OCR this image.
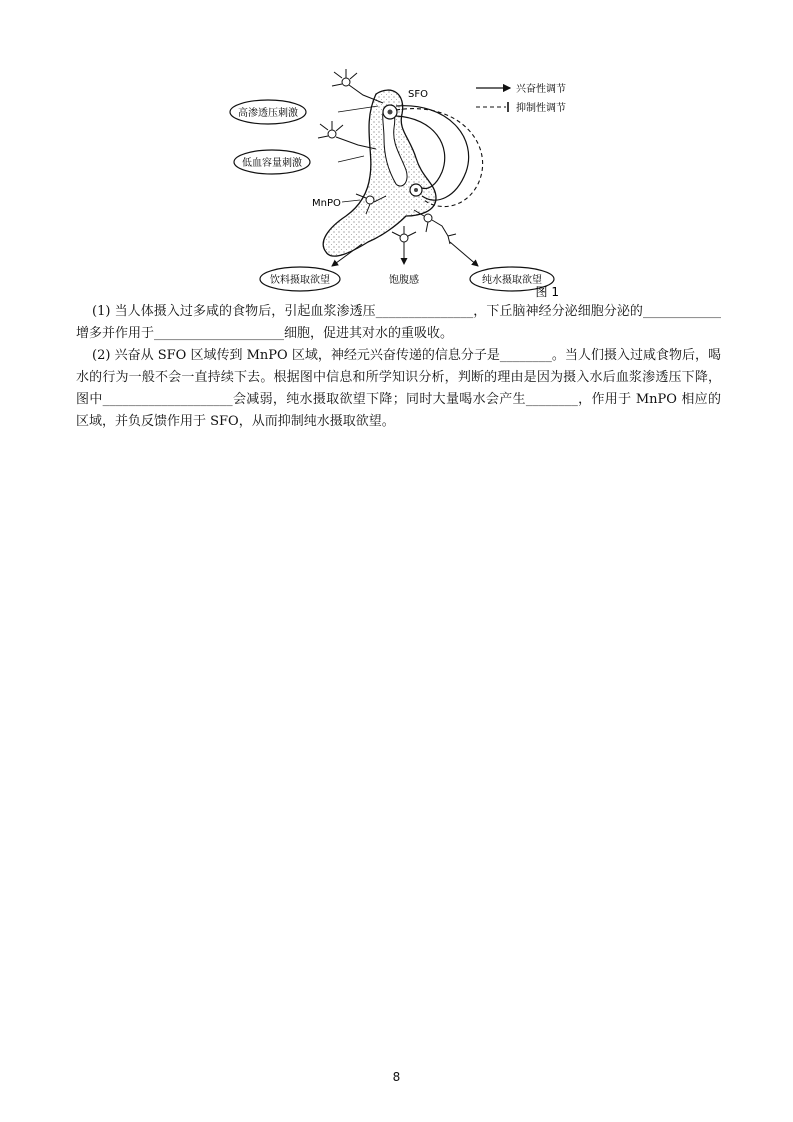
SFO
MnPO
高渗透压刺激
低血容量刺激
饮料摄取欲望	饱腹感	纯水摄取欲望
兴奋性调节
抑制性调节
图 1

(1) 当人体摄入过多咸的食物后，引起血浆渗透压_______________，下丘脑神经分泌细胞分泌的____________增多并作用于____________________细胞，促进其对水的重吸收。

(2) 兴奋从 SFO 区域传到 MnPO 区域，神经元兴奋传递的信息分子是________。当人们摄入过咸食物后，喝水的行为一般不会一直持续下去。根据图中信息和所学知识分析，判断的理由是因为摄入水后血浆渗透压下降，图中____________________会减弱，纯水摄取欲望下降；同时大量喝水会产生________，作用于 MnPO 相应的区域，并负反馈作用于 SFO，从而抑制纯水摄取欲望。

8
